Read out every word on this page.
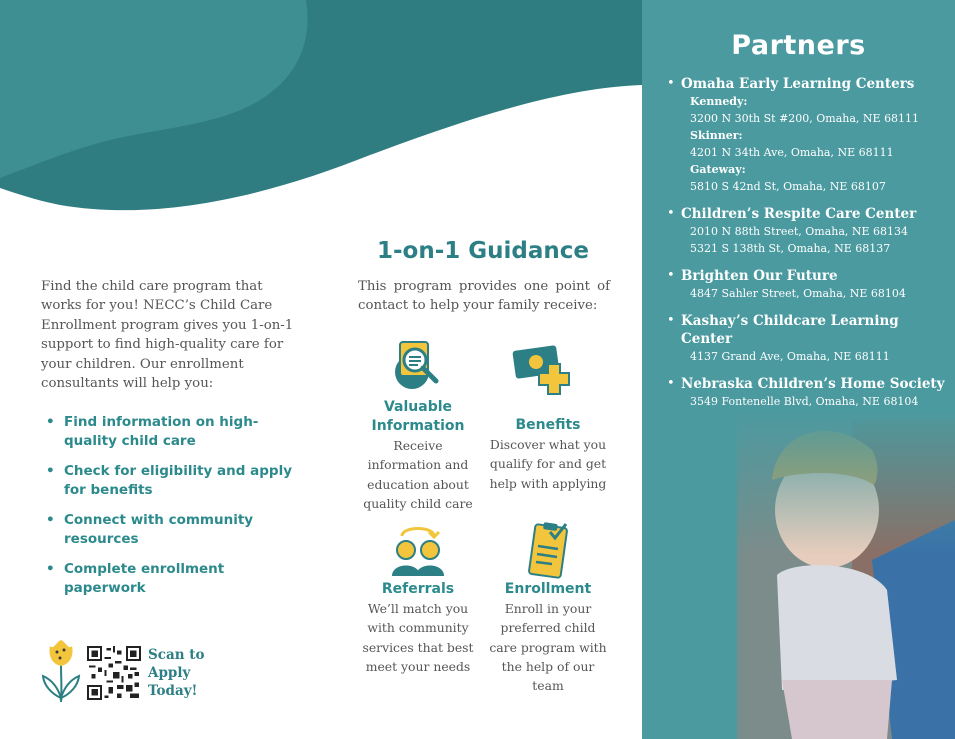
Partners
• Omaha Early Learning Centers
Kennedy:
3200 N 30th St #200, Omaha, NE 68111
Skinner:
4201 N 34th Ave, Omaha, NE 68111
Gateway:
5810 S 42nd St, Omaha, NE 68107
• Children’s Respite Care Center
2010 N 88th Street, Omaha, NE 68134
5321 S 138th St, Omaha, NE 68137
• Brighten Our Future
4847 Sahler Street, Omaha, NE 68104
• Kashay’s Childcare Learning Center
4137 Grand Ave, Omaha, NE 68111
• Nebraska Children’s Home Society
3549 Fontenelle Blvd, Omaha, NE 68104

Find the child care program that works for you! NECC’s Child Care Enrollment program gives you 1-on-1 support to find high-quality care for your children. Our enrollment consultants will help you:

• Find information on high-quality child care
• Check for eligibility and apply for benefits
• Connect with community resources
• Complete enrollment paperwork
Scan to Apply Today!
1-on-1 Guidance

This program provides one point of contact to help your family receive:

Valuable Information
Receive information and education about quality child care
Benefits
Discover what you qualify for and get help with applying
Referrals
We’ll match you with community services that best meet your needs
Enrollment
Enroll in your preferred child care program with the help of our team
